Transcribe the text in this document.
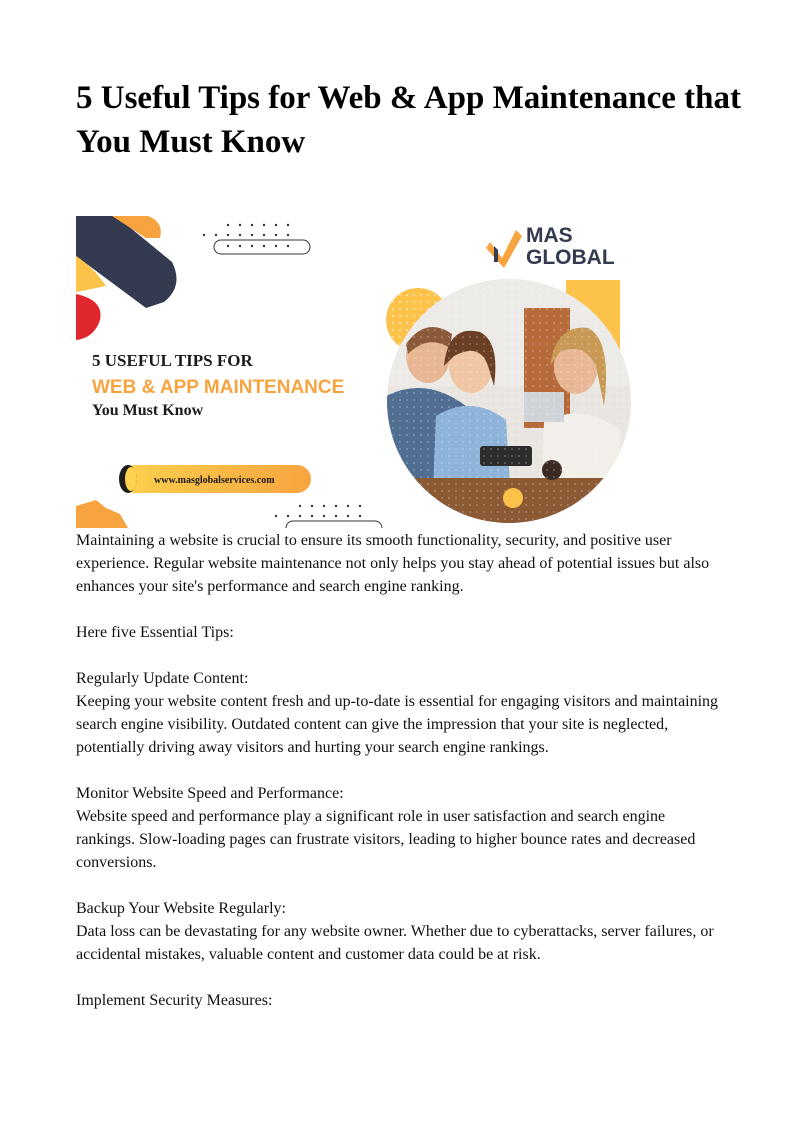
5 Useful Tips for Web & App Maintenance that You Must Know
MAS
GLOBAL
5 USEFUL TIPS FOR
WEB & APP MAINTENANCE
You Must Know
www.masglobalservices.com

Maintaining a website is crucial to ensure its smooth functionality, security, and positive user experience. Regular website maintenance not only helps you stay ahead of potential issues but also enhances your site's performance and search engine ranking.

Here five Essential Tips:

Regularly Update Content:
Keeping your website content fresh and up-to-date is essential for engaging visitors and maintaining search engine visibility. Outdated content can give the impression that your site is neglected, potentially driving away visitors and hurting your search engine rankings.
Monitor Website Speed and Performance:
Website speed and performance play a significant role in user satisfaction and search engine rankings. Slow-loading pages can frustrate visitors, leading to higher bounce rates and decreased conversions.
Backup Your Website Regularly:
Data loss can be devastating for any website owner. Whether due to cyberattacks, server failures, or accidental mistakes, valuable content and customer data could be at risk.
Implement Security Measures:
